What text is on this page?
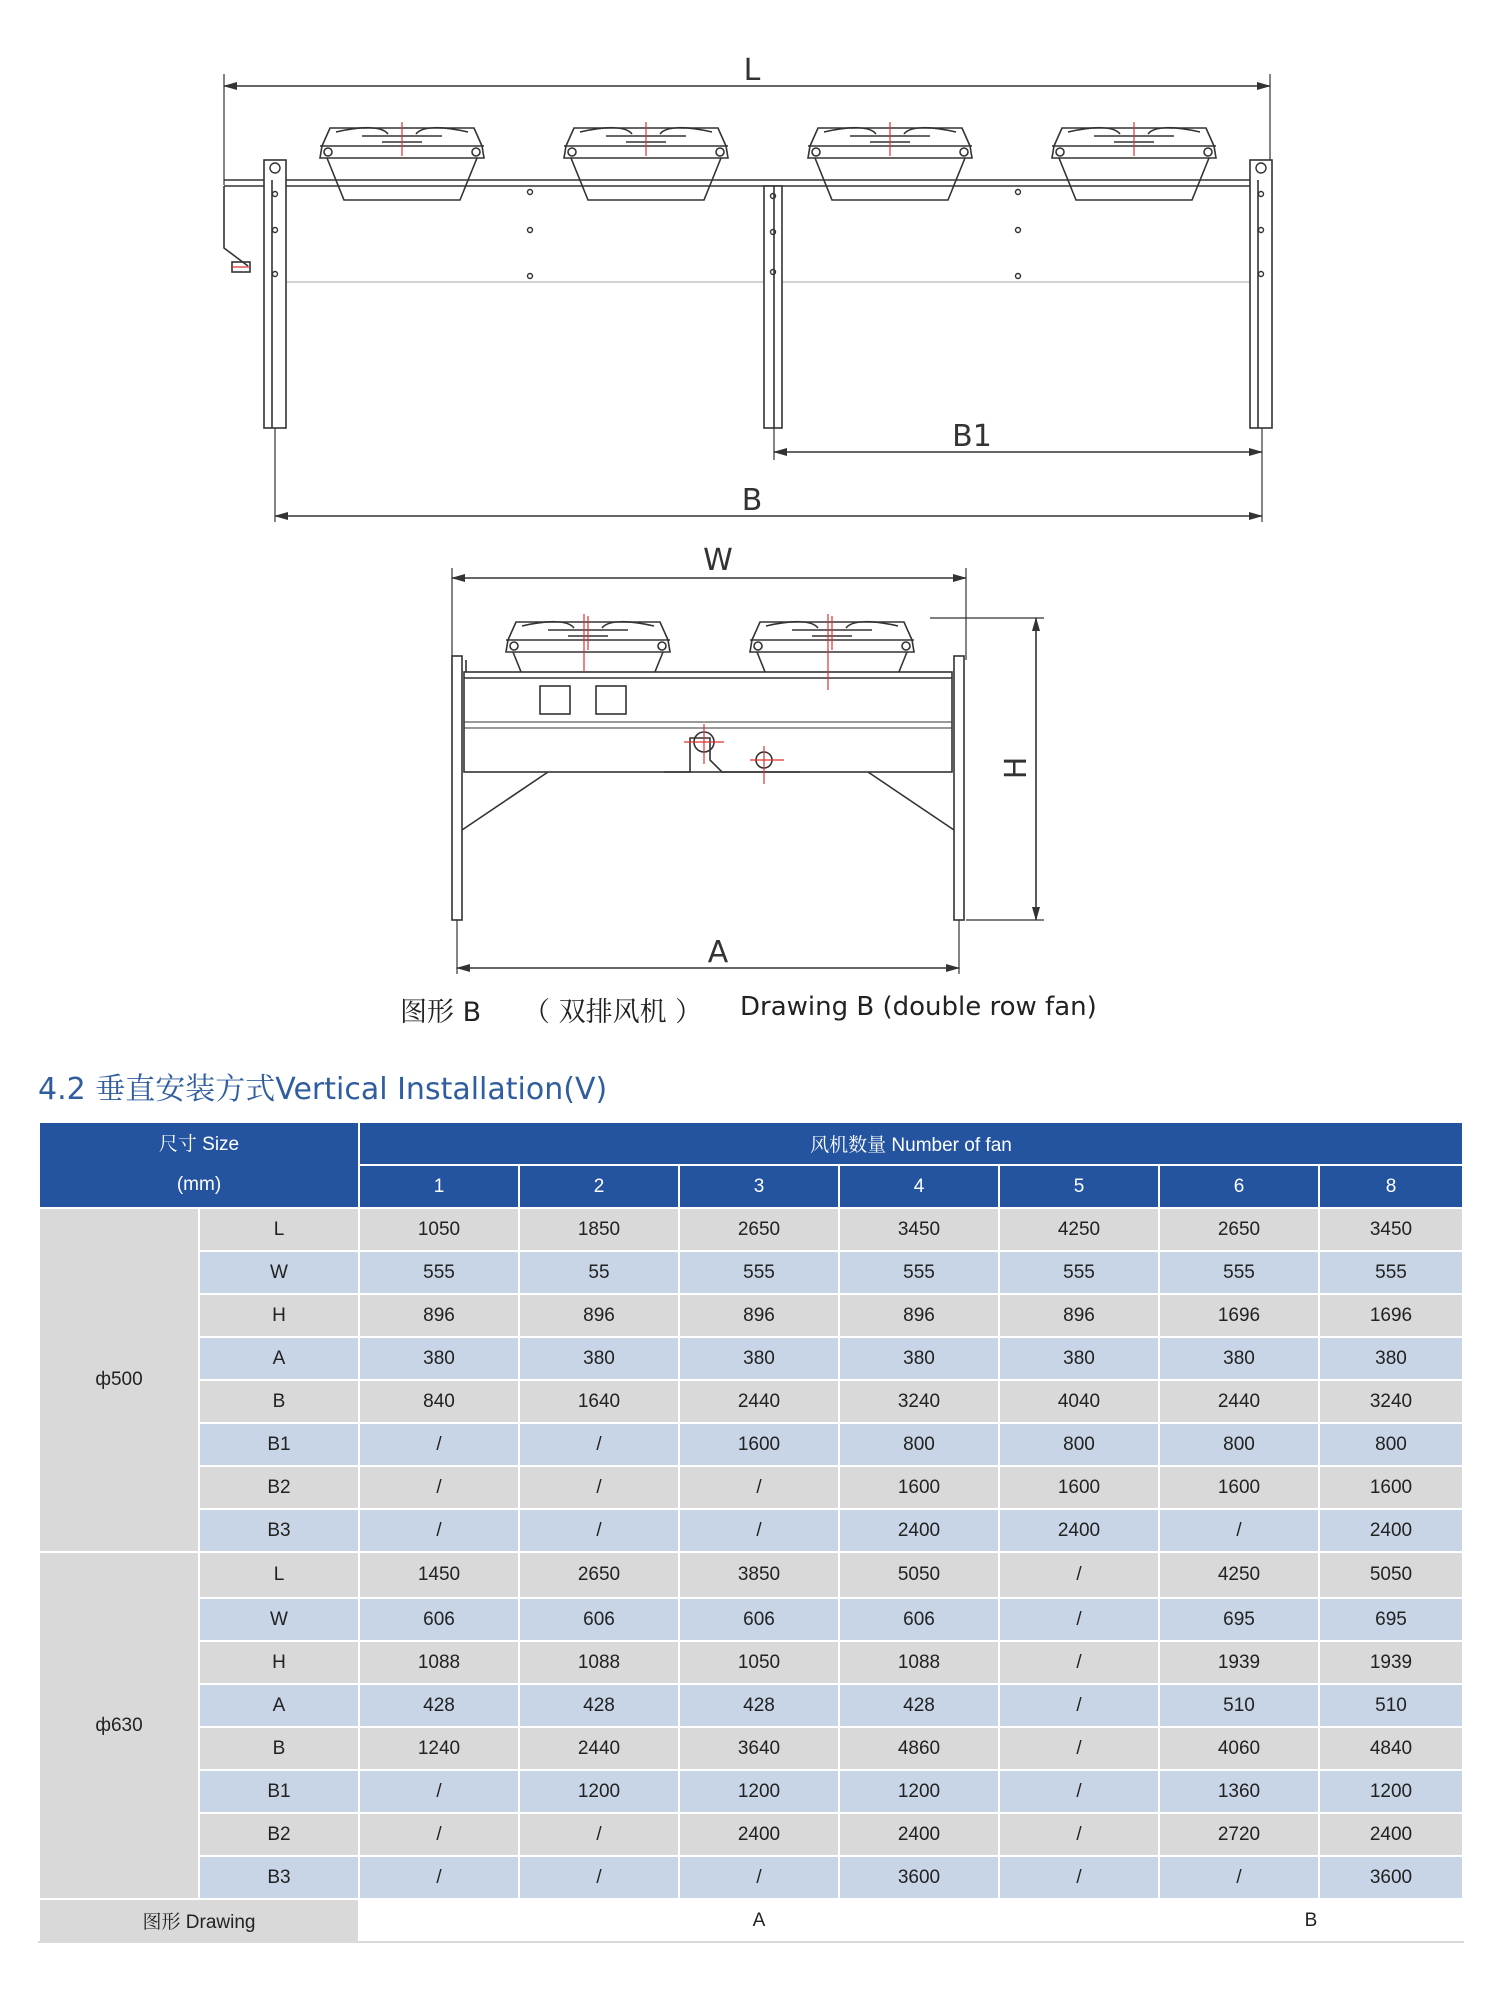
L
B1
B
W
H
A
图形 B （ 双排风机 ） Drawing B (double row fan)
4.2 垂直安装方式Vertical Installation(V)
尺寸 Size
(mm)		风机数量 Number of fan						
		1	2	3	4	5	6	8
ф500	L	1050	1850	2650	3450	4250	2650	3450
	W	555	55	555	555	555	555	555
	H	896	896	896	896	896	1696	1696
	A	380	380	380	380	380	380	380
	B	840	1640	2440	3240	4040	2440	3240
	B1	/	/	1600	800	800	800	800
	B2	/	/	/	1600	1600	1600	1600
	B3	/	/	/	2400	2400	/	2400
ф630	L	1450	2650	3850	5050	/	4250	5050
	W	606	606	606	606	/	695	695
	H	1088	1088	1050	1088	/	1939	1939
	A	428	428	428	428	/	510	510
	B	1240	2440	3640	4860	/	4060	4840
	B1	/	1200	1200	1200	/	1360	1200
	B2	/	/	2400	2400	/	2720	2400
	B3	/	/	/	3600	/	/	3600
图形 Drawing		A					B	
